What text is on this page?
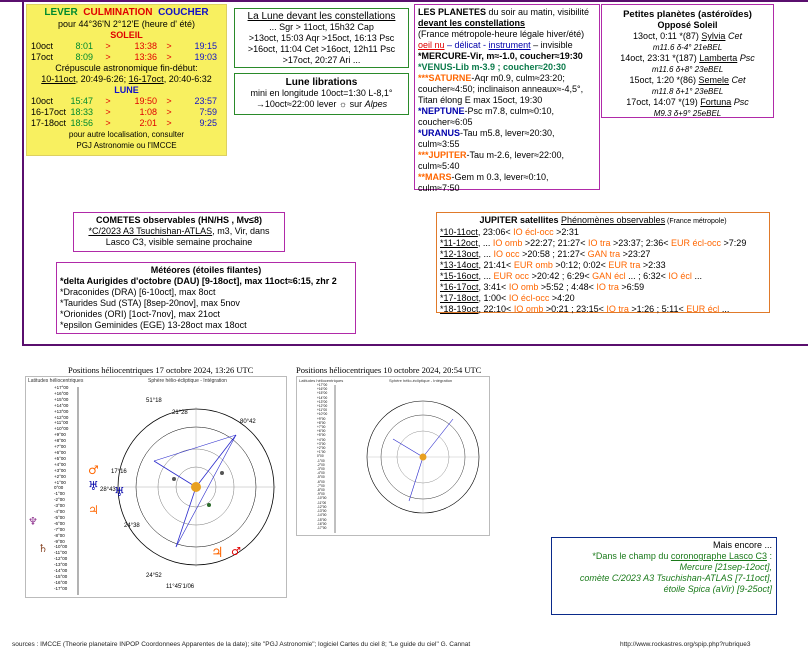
LEVER CULMINATION COUCHER
pour 44°36'N 2°12'E (heure d' été)
SOLEIL
10oct	8:01	>	13:38	>	19:15
17oct	8:09	>	13:36	>	19:03
Crépuscule astronomique fin-début:
10-11oct, 20:49-6:26; 16-17oct, 20:40-6:32
LUNE
10oct	15:47	>	19:50	>	23:57
16-17oct 18:33	>	1:08	>	7:59
17-18oct 18:56	>	2:01	>	9:25
pour autre localisation, consulter
PGJ Astronomie ou l'IMCCE
La Lune devant les constellations
... Sgr > 11oct, 15h32 Cap
>13oct, 15:03 Aqr >15oct, 16:13 Psc
>16oct, 11:04 Cet >16oct, 12h11 Psc
>17oct, 20:27 Ari ...
Lune librations
mini en longitude 10oct=1:30 L-8,1°
→10oct≈22:00 lever ☼ sur Alpes
LES PLANETES du soir au matin, visibilité
devant les constellations
(France métropole-heure légale hiver/été)
oeil nu – délicat - instrument – invisible
*MERCURE-Vir, m≈-1.0, coucher≈19:30
*VENUS-Lib m-3.9 ; coucher≈20:30
***SATURNE-Aqr m0.9, culm≈23:20;
coucher≈4:50; inclinaison anneaux≈-4,5°,
Titan élong E max 15oct, 19:30
*NEPTUNE-Psc m7.8, culm≈0:10,
coucher≈6:05
*URANUS-Tau m5.8, lever≈20:30,
culm≈3:55
***JUPITER-Tau m-2.6, lever≈22:00,
culm≈5:40
**MARS-Gem m 0.3, lever≈0:10,
culm≈7:50
Petites planètes (astéroïdes)
Opposé Soleil
13oct, 0:11 *(87) Sylvia Cet
m11.6 δ-4° 21eBEL
14oct, 23:31 *(187) Lamberta Psc
m11.6 δ+8° 23eBEL
15oct, 1:20 *(86) Semele Cet
m11.8 δ+1° 23eBEL
17oct, 14:07 *(19) Fortuna Psc
M9.3 δ+9° 25eBEL
COMETES observables (HN/HS , Mv≤8)
*C/2023 A3 Tsuchishan-ATLAS, m3, Vir, dans
Lasco C3, visible semaine prochaine
Météores (étoiles filantes)
*delta Aurigides d'octobre (DAU) [9-18oct], max 11oct≈6:15, zhr 2
*Draconides (DRA) [6-10oct], max 8oct
*Taurides Sud (STA) [8sep-20nov], max 5nov
*Orionides (ORI) [1oct-7nov], max 21oct
*epsilon Geminides (EGE) 13-28oct max 18oct
JUPITER satellites Phénomènes observables (France métropole)
*10-11oct, 23:06< IO écl-occ >2:31
*11-12oct, ... IO omb >22:27; 21:27< IO tra >23:37; 2:36< EUR écl-occ >7:29
*12-13oct, ... IO occ >20:58 ; 21:27< GAN tra >23:27
*13-14oct, 21:41< EUR omb >0:12; 0:02< EUR tra >2:33
*15-16oct, ... EUR occ >20:42 ; 6:29< GAN écl ... ; 6:32< IO écl ...
*16-17oct, 3:41< IO omb >5:52 ; 4:48< IO tra >6:59
*17-18oct, 1:00< IO écl-occ >4:20
*18-19oct, 22:10< IO omb >0:21 ; 23:15< IO tra >1:26 ; 5:11< EUR écl ...
Positions héliocentriques 17 octobre 2024, 13:26 UTC	Positions héliocentriques 10 octobre 2024, 20:54 UTC
Latitudes héliocentriques	Sphère hélio-écliptique - Intégration
+17°00
+16°00
+15°00
+14°00
+13°00
+12°00
+11°00
+10°00
+9°00
+8°00
+7°00
+6°00
+5°00
+4°00
+3°00
+2°00
+1°00
0°00
-1°00
-2°00
-3°00
-4°00
-5°00
-6°00
-7°00
-8°00
-9°00
-10°00
-11°00
-12°00
-13°00
-14°00
-15°00
-16°00
-17°00
51°18
21°28
80°42
17°16
28°43
24°38
24°52
11°45'1/06
♂
♅
♃
♆
♄	♃ ♂
♅
Latitudes héliocentriques	Sphère hélio-écliptique - Intégration
+17°00
+16°00
+15°00
+14°00
+13°00
+12°00
+11°00
+10°00
+9°00
+8°00
+7°00
+6°00
+5°00
+4°00
+3°00
+2°00
+1°00
0°00
-1°00
-2°00
-3°00
-4°00
-5°00
-6°00
-7°00
-8°00
-9°00
-10°00
-11°00
-12°00
-13°00
-14°00
-15°00
-16°00
-17°00
Mais encore ...
*Dans le champ du coronographe Lasco C3 :
Mercure [21sep-12oct],
comète C/2023 A3 Tsuchishan-ATLAS [7-11oct],
étoile Spica (aVir) [9-25oct]
sources : IMCCE (Theorie planetaire INPOP Coordonnees Apparentes de la date); site "PGJ Astronomie"; logiciel Cartes du ciel 8; "Le guide du ciel" G. Cannat	http://www.rockastres.org/spip.php?rubrique3
